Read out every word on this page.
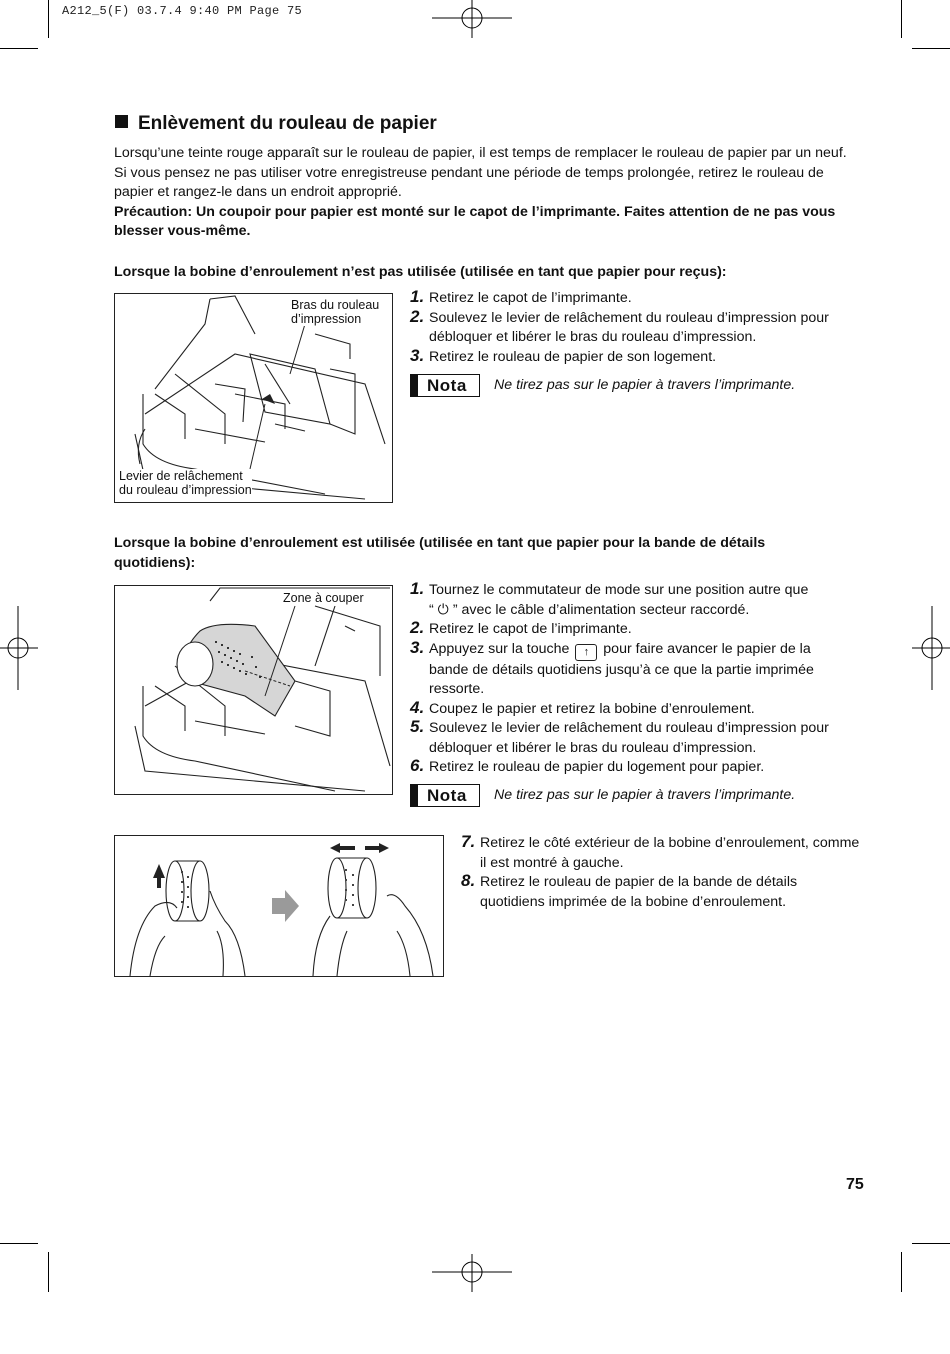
A212_5(F) 03.7.4 9:40 PM Page 75
Enlèvement du rouleau de papier

Lorsqu’une teinte rouge apparaît sur le rouleau de papier, il est temps de remplacer le rouleau de papier par un neuf. Si vous pensez ne pas utiliser votre enregistreuse pendant une période de temps prolongée, retirez le rouleau de papier et rangez-le dans un endroit approprié.

Précaution: Un coupoir pour papier est monté sur le capot de l’imprimante. Faites attention de ne pas vous blesser vous-même.

Lorsque la bobine d’enroulement n’est pas utilisée (utilisée en tant que papier pour reçus):
Bras du rouleau
d’impression
Levier de relâchement
du rouleau d’impression
1. Retirez le capot de l’imprimante.
2. Soulevez le levier de relâchement du rouleau d’impression pour débloquer et libérer le bras du rouleau d’impression.
3. Retirez le rouleau de papier de son logement.
Nota Ne tirez pas sur le papier à travers l’imprimante.
Lorsque la bobine d’enroulement est utilisée (utilisée en tant que papier pour la bande de détails quotidiens):
Zone à couper	1. Tournez le commutateur de mode sur une position autre que
“ ⏻ ” avec le câble d’alimentation secteur raccordé.
2. Retirez le capot de l’imprimante.
3. Appuyez sur la touche ↑ pour faire avancer le papier de la bande de détails quotidiens jusqu’à ce que la partie imprimée ressorte.
4. Coupez le papier et retirez la bobine d’enroulement.
5. Soulevez le levier de relâchement du rouleau d’impression pour débloquer et libérer le bras du rouleau d’impression.
6. Retirez le rouleau de papier du logement pour papier.
Nota Ne tirez pas sur le papier à travers l’imprimante.
7. Retirez le côté extérieur de la bobine d’enroulement, comme il est montré à gauche.
8. Retirez le rouleau de papier de la bande de détails quotidiens imprimée de la bobine d’enroulement.
75
